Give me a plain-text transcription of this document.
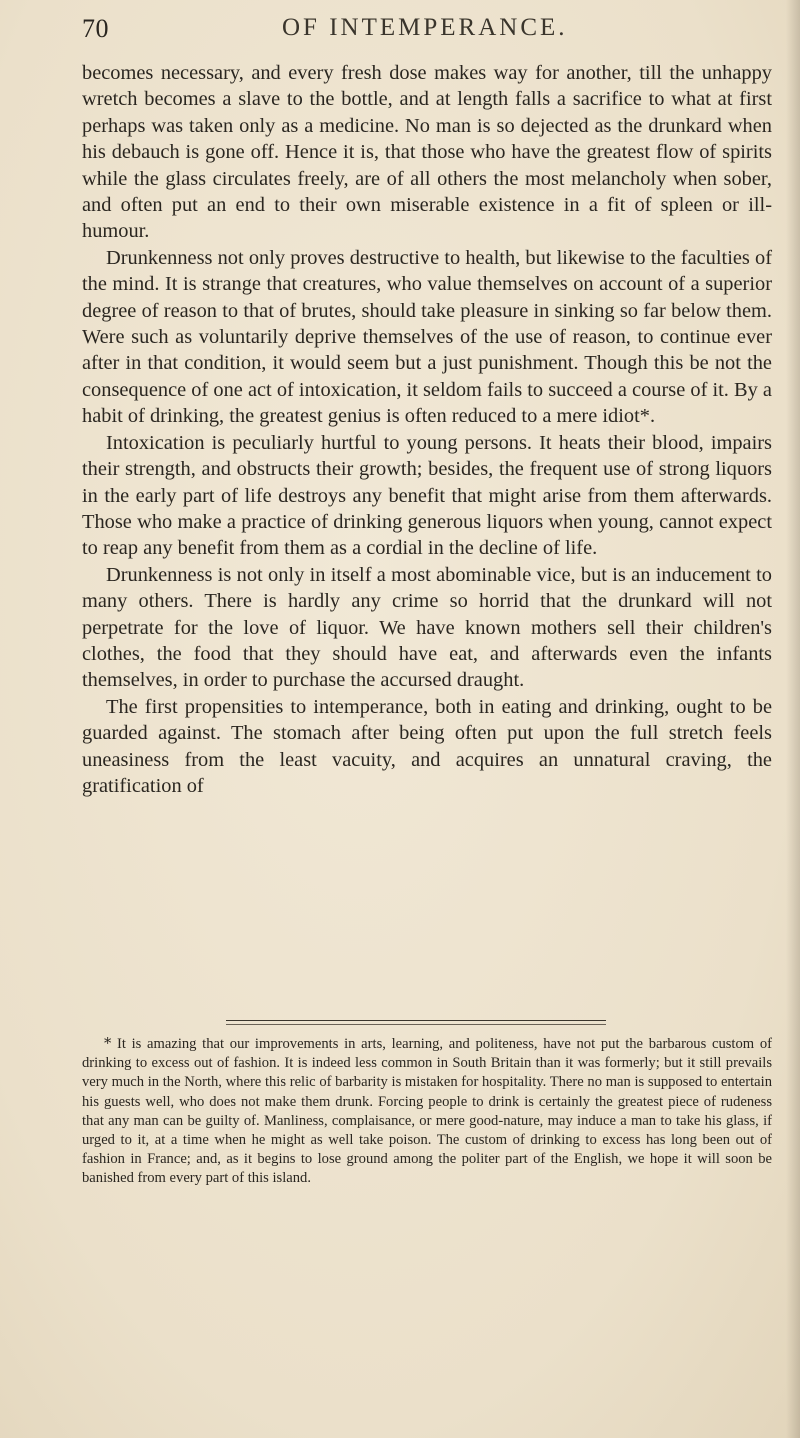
70	OF INTEMPERANCE.

becomes necessary, and every fresh dose makes way for another, till the unhappy wretch becomes a slave to the bottle, and at length falls a sacrifice to what at first perhaps was taken only as a medicine. No man is so dejected as the drunkard when his debauch is gone off. Hence it is, that those who have the greatest flow of spirits while the glass circulates freely, are of all others the most melancholy when sober, and often put an end to their own miserable existence in a fit of spleen or ill-humour.

Drunkenness not only proves destructive to health, but likewise to the faculties of the mind. It is strange that creatures, who value themselves on account of a superior degree of reason to that of brutes, should take pleasure in sinking so far below them. Were such as voluntarily deprive themselves of the use of reason, to continue ever after in that condition, it would seem but a just punishment. Though this be not the consequence of one act of intoxication, it seldom fails to succeed a course of it. By a habit of drinking, the greatest genius is often reduced to a mere idiot*.

Intoxication is peculiarly hurtful to young persons. It heats their blood, impairs their strength, and obstructs their growth; besides, the frequent use of strong liquors in the early part of life destroys any benefit that might arise from them afterwards. Those who make a practice of drinking generous liquors when young, cannot expect to reap any benefit from them as a cordial in the decline of life.

Drunkenness is not only in itself a most abominable vice, but is an inducement to many others. There is hardly any crime so horrid that the drunkard will not perpetrate for the love of liquor. We have known mothers sell their children's clothes, the food that they should have eat, and afterwards even the infants themselves, in order to purchase the accursed draught.

The first propensities to intemperance, both in eating and drinking, ought to be guarded against. The stomach after being often put upon the full stretch feels uneasiness from the least vacuity, and acquires an unnatural craving, the gratification of

* It is amazing that our improvements in arts, learning, and politeness, have not put the barbarous custom of drinking to excess out of fashion. It is indeed less common in South Britain than it was formerly; but it still prevails very much in the North, where this relic of barbarity is mistaken for hospitality. There no man is supposed to entertain his guests well, who does not make them drunk. Forcing people to drink is certainly the greatest piece of rudeness that any man can be guilty of. Manliness, complaisance, or mere good-nature, may induce a man to take his glass, if urged to it, at a time when he might as well take poison. The custom of drinking to excess has long been out of fashion in France; and, as it begins to lose ground among the politer part of the English, we hope it will soon be banished from every part of this island.
